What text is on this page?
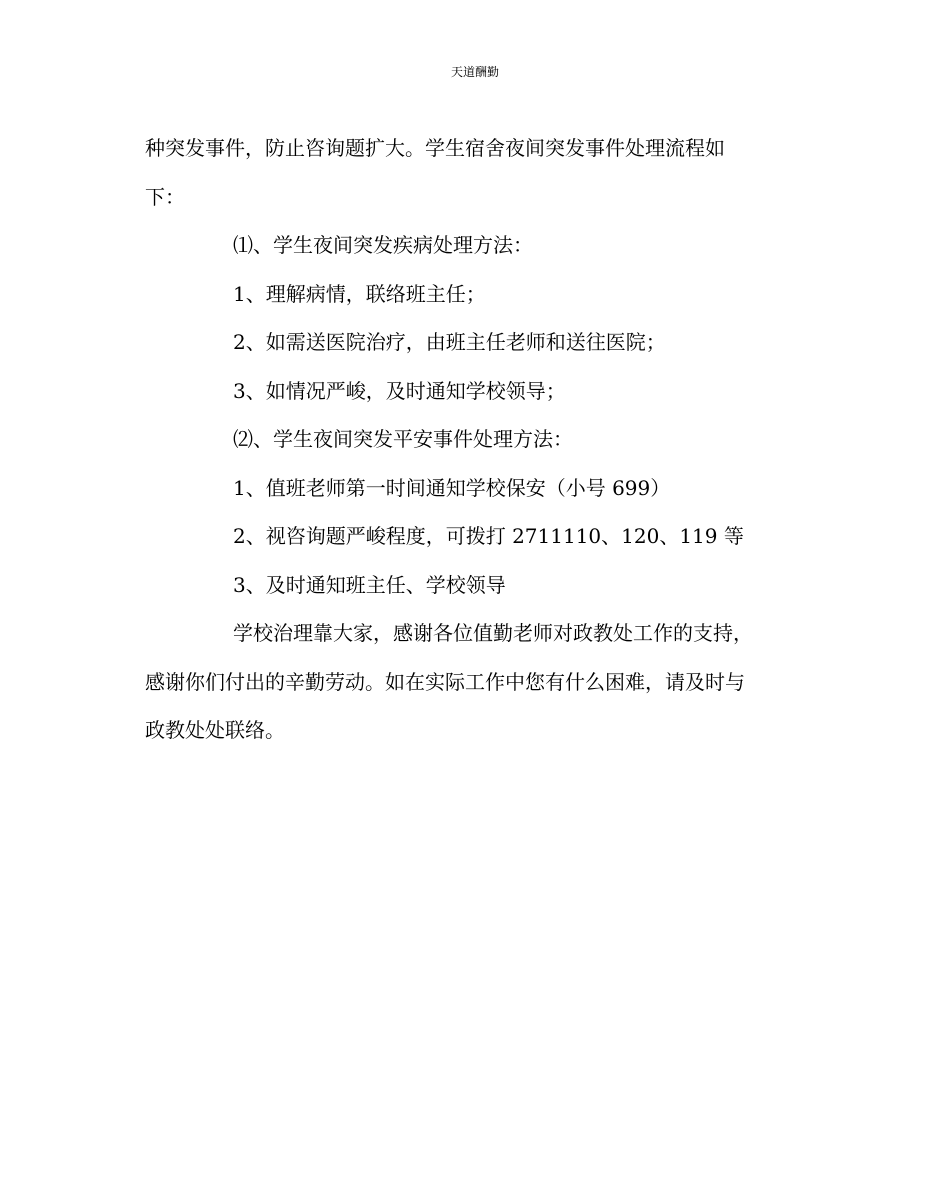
天道酬勤
种突发事件，防止咨询题扩大。学生宿舍夜间突发事件处理流程如
下：
⑴、学生夜间突发疾病处理方法：
1、理解病情，联络班主任；
2、如需送医院治疗，由班主任老师和送往医院；
3、如情况严峻，及时通知学校领导；
⑵、学生夜间突发平安事件处理方法：
1、值班老师第一时间通知学校保安（小号 699）
2、视咨询题严峻程度，可拨打 2711110、120、119 等
3、及时通知班主任、学校领导
学校治理靠大家，感谢各位值勤老师对政教处工作的支持，
感谢你们付出的辛勤劳动。如在实际工作中您有什么困难，请及时与
政教处处联络。
